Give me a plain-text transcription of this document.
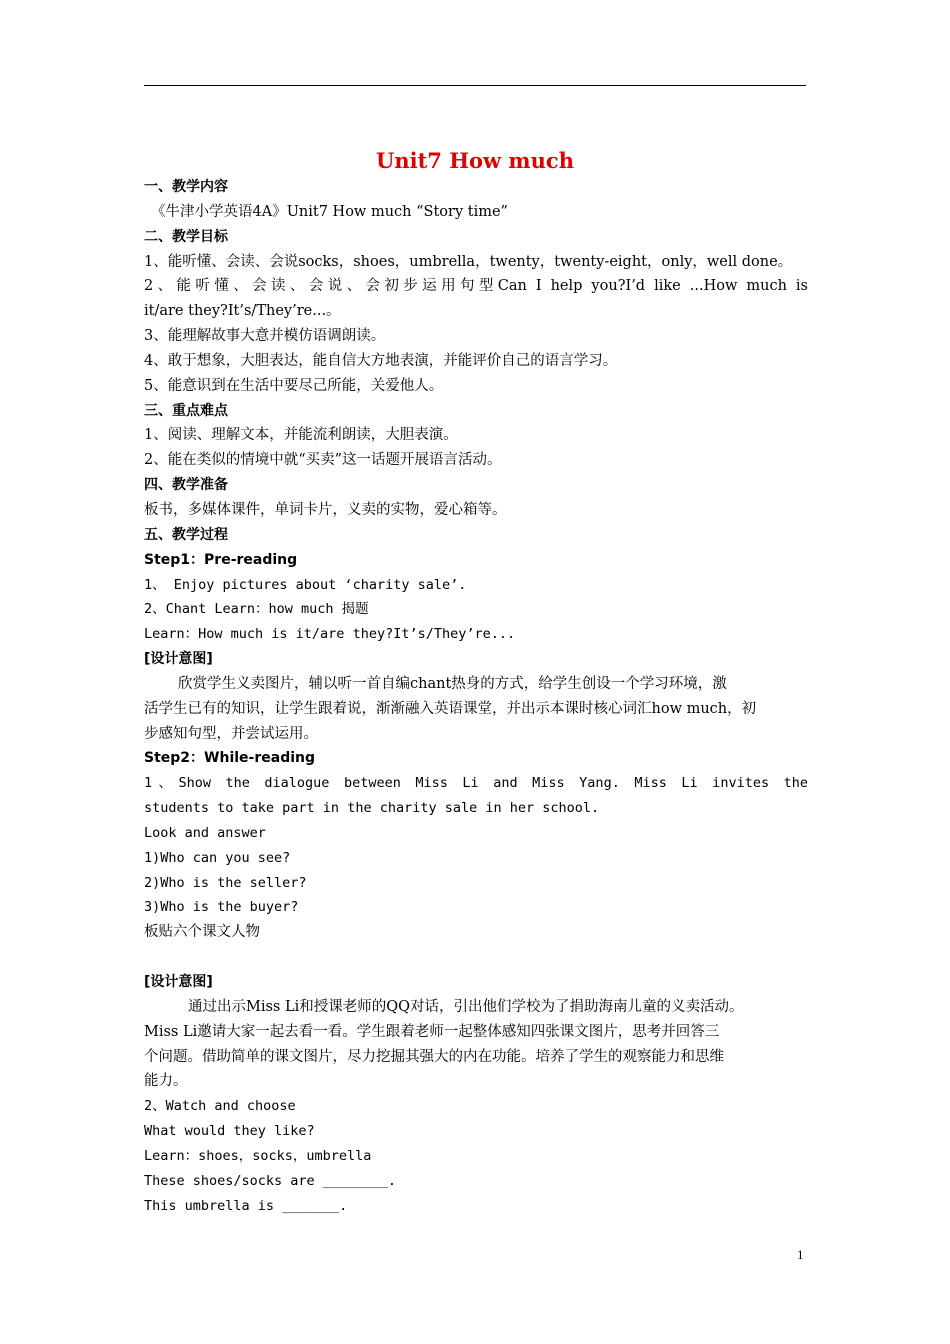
Unit7 How much
一、教学内容
《牛津小学英语4A》Unit7 How much “Story time”
二、教学目标
1、能听懂、会读、会说socks，shoes，umbrella，twenty，twenty-eight，only，well done。
2、能听懂、会读、会说、会初步运用句型Can I help you?I’d like ...How much is
it/are they?It’s/They’re...。
3、能理解故事大意并模仿语调朗读。
4、敢于想象，大胆表达，能自信大方地表演，并能评价自己的语言学习。
5、能意识到在生活中要尽己所能，关爱他人。
三、重点难点
1、阅读、理解文本，并能流利朗读，大胆表演。
2、能在类似的情境中就“买卖”这一话题开展语言活动。
四、教学准备
板书，多媒体课件，单词卡片，义卖的实物，爱心箱等。
五、教学过程
Step1：Pre-reading
1、 Enjoy pictures about ‘charity sale’.
2、Chant Learn：how much 揭题
Learn：How much is it/are they?It’s/They’re...
[设计意图]
欣赏学生义卖图片，辅以听一首自编chant热身的方式，给学生创设一个学习环境，激
活学生已有的知识，让学生跟着说，渐渐融入英语课堂，并出示本课时核心词汇how much，初
步感知句型，并尝试运用。
Step2：While-reading
1、Show the dialogue between Miss Li and Miss Yang. Miss Li invites the
students to take part in the charity sale in her school.
Look and answer
1)Who can you see?
2)Who is the seller?
3)Who is the buyer?
板贴六个课文人物
[设计意图]
通过出示Miss Li和授课老师的QQ对话，引出他们学校为了捐助海南儿童的义卖活动。
Miss Li邀请大家一起去看一看。学生跟着老师一起整体感知四张课文图片，思考并回答三
个问题。借助简单的课文图片，尽力挖掘其强大的内在功能。培养了学生的观察能力和思维
能力。
2、Watch and choose
What would they like?
Learn：shoes，socks，umbrella
These shoes/socks are ________.
This umbrella is _______.
1
